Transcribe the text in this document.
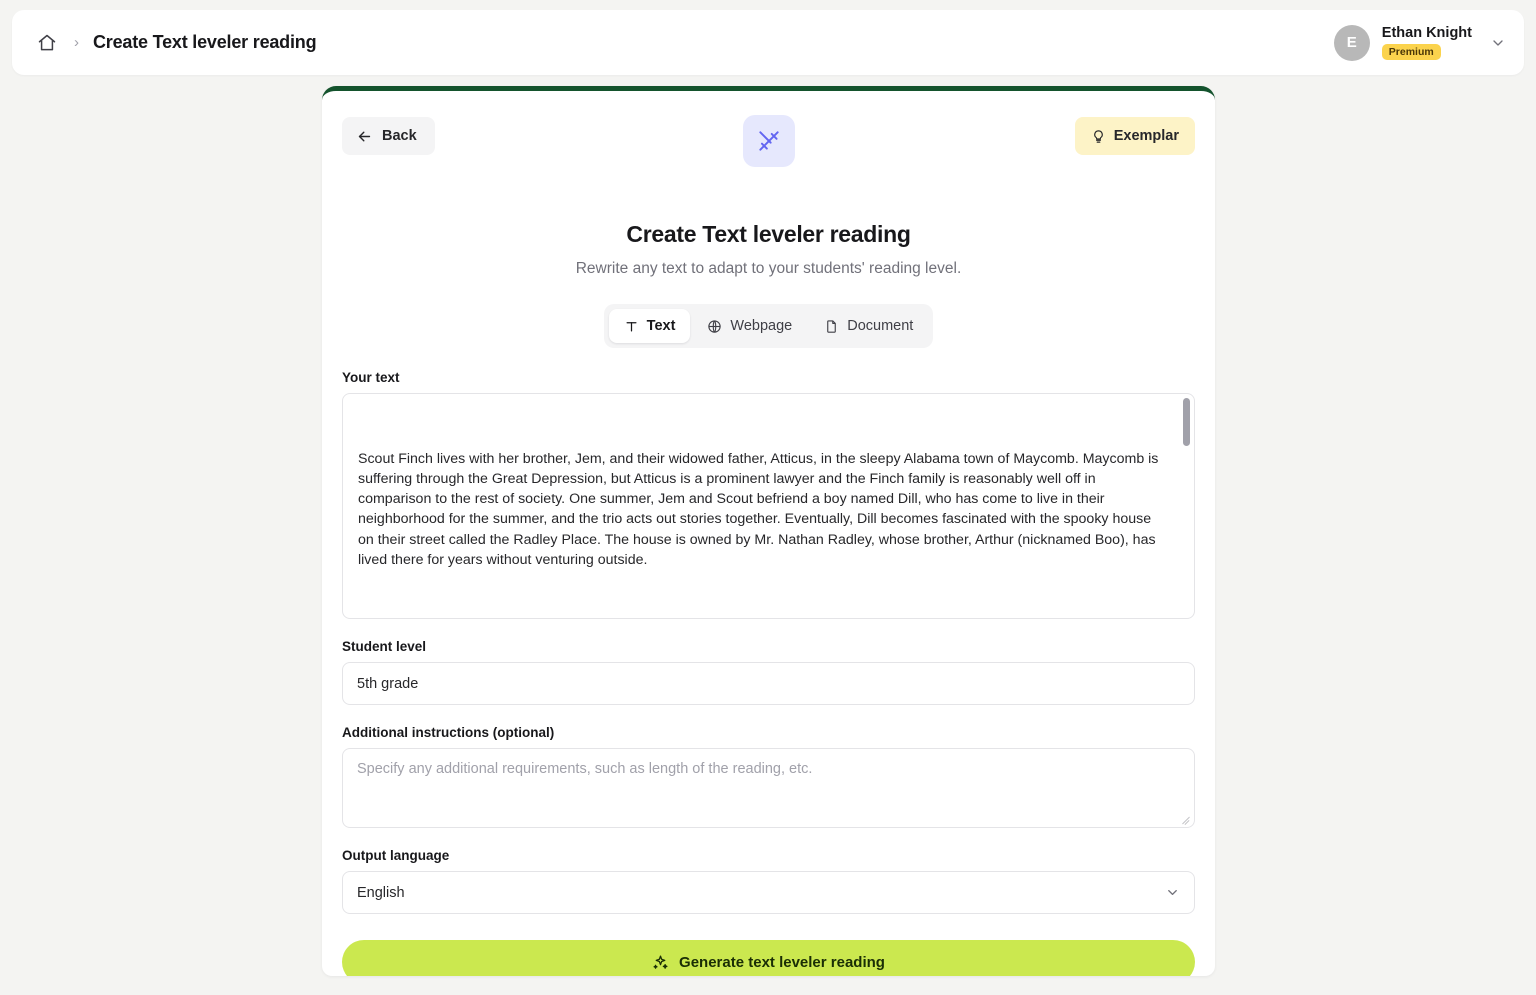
› Create Text leveler reading	E
Ethan Knight
Premium
Back	Exemplar
Create Text leveler reading

Rewrite any text to adapt to your students' reading level.

Text	Webpage	Document
Your text

Scout Finch lives with her brother, Jem, and their widowed father, Atticus, in the sleepy Alabama town of Maycomb. Maycomb is suffering through the Great Depression, but Atticus is a prominent lawyer and the Finch family is reasonably well off in comparison to the rest of society. One summer, Jem and Scout befriend a boy named Dill, who has come to live in their neighborhood for the summer, and the trio acts out stories together. Eventually, Dill becomes fascinated with the spooky house on their street called the Radley Place. The house is owned by Mr. Nathan Radley, whose brother, Arthur (nicknamed Boo), has lived there for years without venturing outside.

Student level
5th grade
Additional instructions (optional)
Specify any additional requirements, such as length of the reading, etc.
Output language
English
Generate text leveler reading
